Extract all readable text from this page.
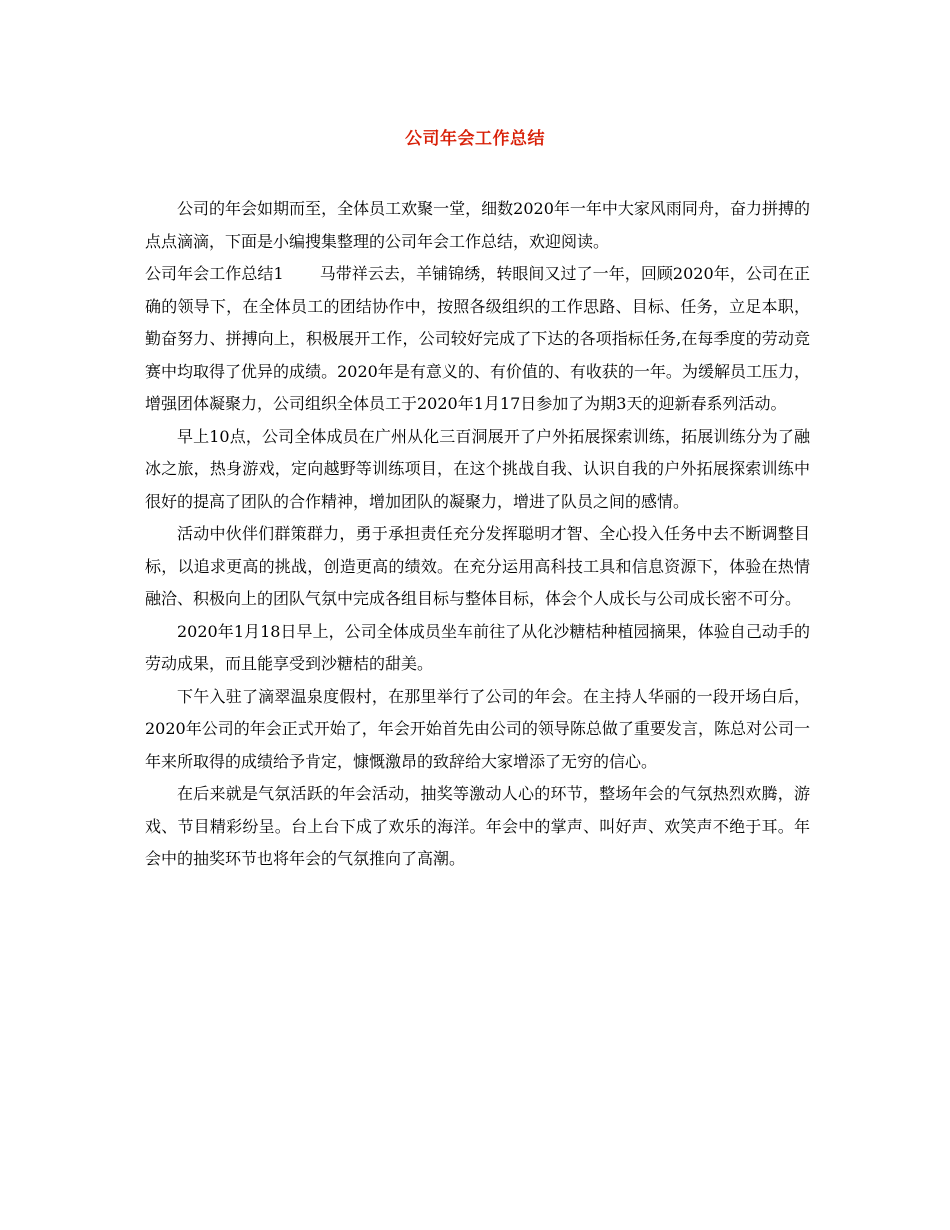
公司年会工作总结

公司的年会如期而至，全体员工欢聚一堂，细数2020年一年中大家风雨同舟，奋力拼搏的点点滴滴，下面是小编搜集整理的公司年会工作总结，欢迎阅读。

公司年会工作总结1 马带祥云去，羊铺锦绣，转眼间又过了一年，回顾2020年，公司在正确的领导下，在全体员工的团结协作中，按照各级组织的工作思路、目标、任务，立足本职，勤奋努力、拼搏向上，积极展开工作，公司较好完成了下达的各项指标任务,在每季度的劳动竞赛中均取得了优异的成绩。2020年是有意义的、有价值的、有收获的一年。为缓解员工压力，增强团体凝聚力，公司组织全体员工于2020年1月17日参加了为期3天的迎新春系列活动。

早上10点，公司全体成员在广州从化三百洞展开了户外拓展探索训练，拓展训练分为了融冰之旅，热身游戏，定向越野等训练项目，在这个挑战自我、认识自我的户外拓展探索训练中很好的提高了团队的合作精神，增加团队的凝聚力，增进了队员之间的感情。

活动中伙伴们群策群力，勇于承担责任充分发挥聪明才智、全心投入任务中去不断调整目标，以追求更高的挑战，创造更高的绩效。在充分运用高科技工具和信息资源下，体验在热情融洽、积极向上的团队气氛中完成各组目标与整体目标，体会个人成长与公司成长密不可分。

2020年1月18日早上，公司全体成员坐车前往了从化沙糖桔种植园摘果，体验自己动手的劳动成果，而且能享受到沙糖桔的甜美。

下午入驻了滴翠温泉度假村，在那里举行了公司的年会。在主持人华丽的一段开场白后，2020年公司的年会正式开始了，年会开始首先由公司的领导陈总做了重要发言，陈总对公司一年来所取得的成绩给予肯定，慷慨激昂的致辞给大家增添了无穷的信心。

在后来就是气氛活跃的年会活动，抽奖等激动人心的环节，整场年会的气氛热烈欢腾，游戏、节目精彩纷呈。台上台下成了欢乐的海洋。年会中的掌声、叫好声、欢笑声不绝于耳。年会中的抽奖环节也将年会的气氛推向了高潮。
